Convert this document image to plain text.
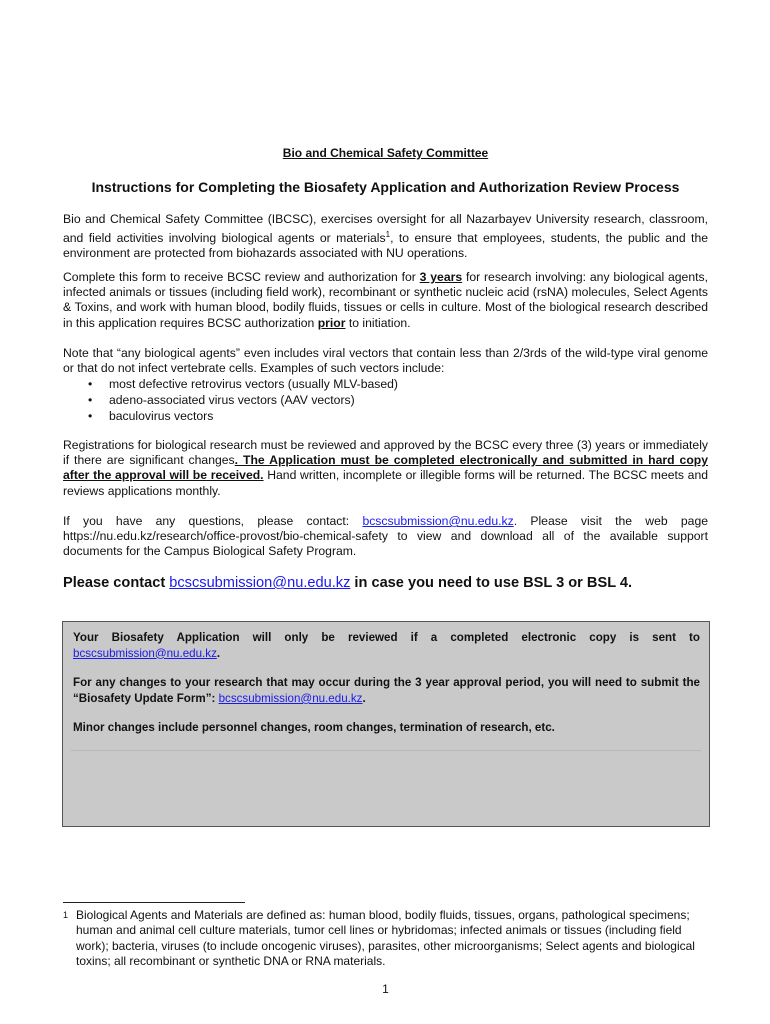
Bio and Chemical Safety Committee
Instructions for Completing the Biosafety Application and Authorization Review Process

Bio and Chemical Safety Committee (IBCSC), exercises oversight for all Nazarbayev University research, classroom, and field activities involving biological agents or materials$^1$, to ensure that employees, students, the public and the environment are protected from biohazards associated with NU operations.

Complete this form to receive BCSC review and authorization for 3 years for research involving: any biological agents, infected animals or tissues (including field work), recombinant or synthetic nucleic acid (rsNA) molecules, Select Agents & Toxins, and work with human blood, bodily fluids, tissues or cells in culture. Most of the biological research described in this application requires BCSC authorization prior to initiation.

Note that “any biological agents” even includes viral vectors that contain less than 2/3rds of the wild-type viral genome or that do not infect vertebrate cells. Examples of such vectors include:

• most defective retrovirus vectors (usually MLV-based)
• adeno-associated virus vectors (AAV vectors)
• baculovirus vectors

Registrations for biological research must be reviewed and approved by the BCSC every three (3) years or immediately if there are significant changes. The Application must be completed electronically and submitted in hard copy after the approval will be received. Hand written, incomplete or illegible forms will be returned. The BCSC meets and reviews applications monthly.

If you have any questions, please contact: bcscsubmission@nu.edu.kz. Please visit the web page https://nu.edu.kz/research/office-provost/bio-chemical-safety to view and download all of the available support documents for the Campus Biological Safety Program.

Please contact bcscsubmission@nu.edu.kz in case you need to use BSL 3 or BSL 4.

Your Biosafety Application will only be reviewed if a completed electronic copy is sent to bcscsubmission@nu.edu.kz.

For any changes to your research that may occur during the 3 year approval period, you will need to submit the “Biosafety Update Form”: bcscsubmission@nu.edu.kz.

Minor changes include personnel changes, room changes, termination of research, etc.

1 Biological Agents and Materials are defined as: human blood, bodily fluids, tissues, organs, pathological specimens; human and animal cell culture materials, tumor cell lines or hybridomas; infected animals or tissues (including field work); bacteria, viruses (to include oncogenic viruses), parasites, other microorganisms; Select agents and biological toxins; all recombinant or synthetic DNA or RNA materials.
1
